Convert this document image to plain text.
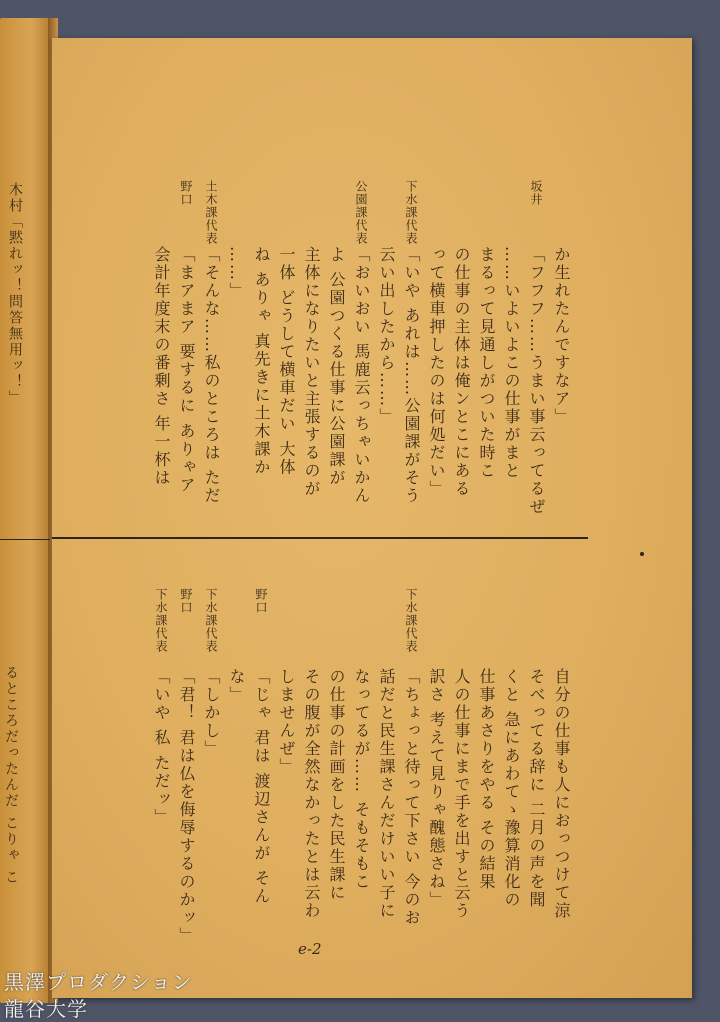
木村「黙れッ！問答無用ッ！」
るところだったんだ こりゃ こ
か生れたんですなア」
坂井
「フフフ……うまい事云ってるぜ
……いよいよこの仕事がまと
まるって見通しがついた時こ
の仕事の主体は俺ンとこにある
って横車押したのは何処だい」
下水課代表
「いや あれは……公園課がそう
云い出したから……」
公園課代表
「おいおい 馬鹿云っちゃいかん
よ 公園つくる仕事に公園課が
主体になりたいと主張するのが
一体 どうして横車だい 大体
ね ありゃ 真先きに土木課か
……」
土木課代表
「そんな……私のところは ただ
野口
「まアまア 要するに ありゃア
会計年度末の番剰さ 年一杯は
自分の仕事も人におっつけて涼
そべってる辞に 二月の声を聞
くと 急にあわてゝ豫算消化の
仕事あさりをやる その結果
人の仕事にまで手を出すと云う
訳さ 考えて見りゃ醜態さね」
下水課代表
「ちょっと待って下さい 今のお
話だと民生課さんだけいい子に
なってるが…… そもそもこ
の仕事の計画をした民生課に
その腹が全然なかったとは云わ
しませんぜ」
野口
「じゃ 君は 渡辺さんが そん
な」
下水課代表
「しかし」
野口
「君！ 君は仏を侮辱するのかッ」
下水課代表
「いや 私 ただッ」
e-2
黒澤プロダクション
龍谷大学
